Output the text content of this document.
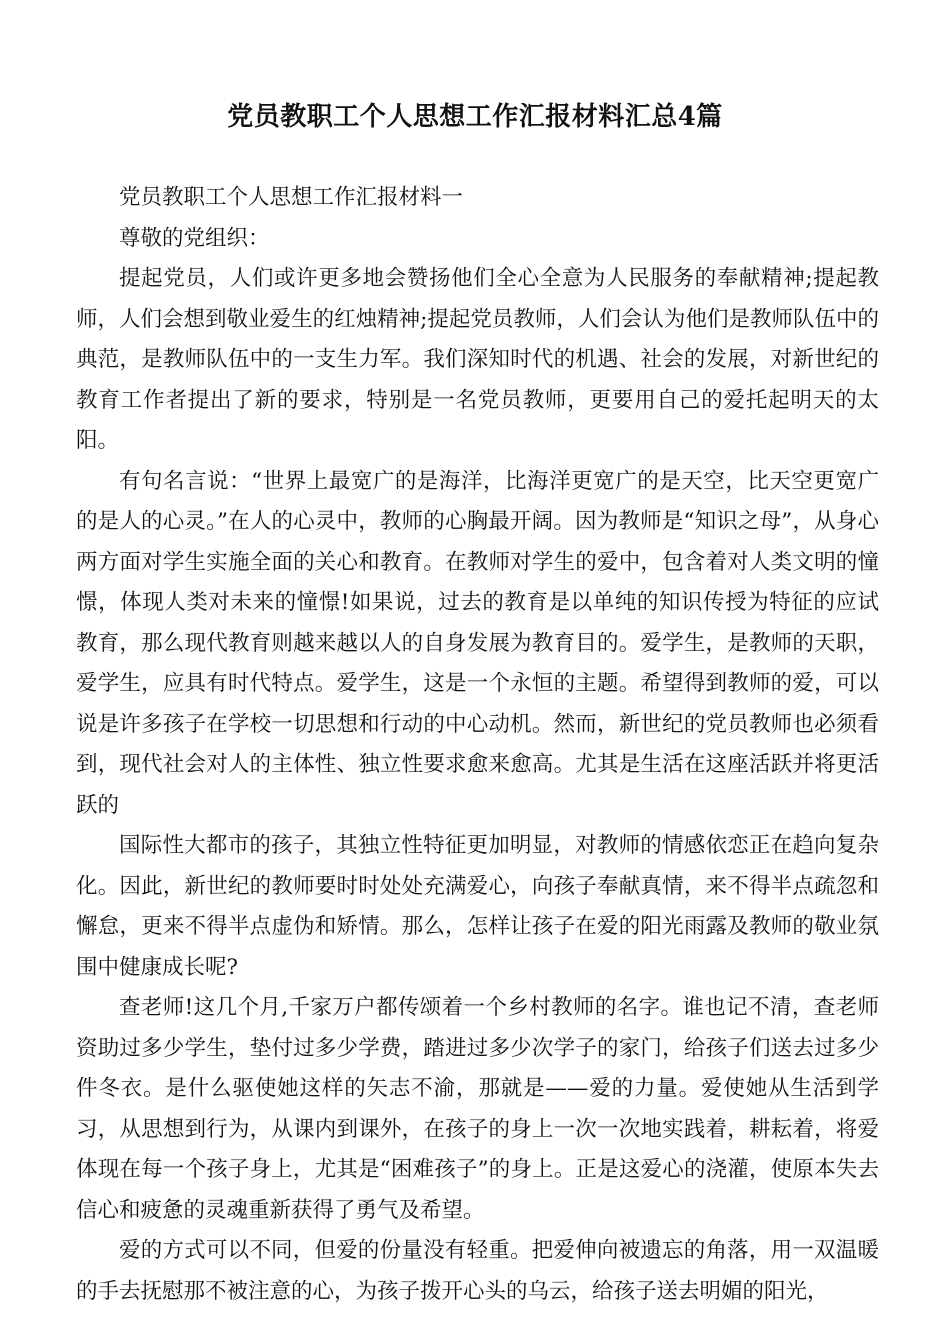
党员教职工个人思想工作汇报材料汇总4篇

党员教职工个人思想工作汇报材料一

尊敬的党组织：

提起党员，人们或许更多地会赞扬他们全心全意为人民服务的奉献精神;提起教师，人们会想到敬业爱生的红烛精神;提起党员教师，人们会认为他们是教师队伍中的典范，是教师队伍中的一支生力军。我们深知时代的机遇、社会的发展，对新世纪的教育工作者提出了新的要求，特别是一名党员教师，更要用自己的爱托起明天的太阳。

有句名言说：“世界上最宽广的是海洋，比海洋更宽广的是天空，比天空更宽广的是人的心灵。”在人的心灵中，教师的心胸最开阔。因为教师是“知识之母”，从身心两方面对学生实施全面的关心和教育。在教师对学生的爱中，包含着对人类文明的憧憬，体现人类对未来的憧憬!如果说，过去的教育是以单纯的知识传授为特征的应试教育，那么现代教育则越来越以人的自身发展为教育目的。爱学生，是教师的天职，爱学生，应具有时代特点。爱学生，这是一个永恒的主题。希望得到教师的爱，可以说是许多孩子在学校一切思想和行动的中心动机。然而，新世纪的党员教师也必须看到，现代社会对人的主体性、独立性要求愈来愈高。尤其是生活在这座活跃并将更活跃的

国际性大都市的孩子，其独立性特征更加明显，对教师的情感依恋正在趋向复杂化。因此，新世纪的教师要时时处处充满爱心，向孩子奉献真情，来不得半点疏忽和懈怠，更来不得半点虚伪和矫情。那么，怎样让孩子在爱的阳光雨露及教师的敬业氛围中健康成长呢?

查老师!这几个月,千家万户都传颂着一个乡村教师的名字。谁也记不清，查老师资助过多少学生，垫付过多少学费，踏进过多少次学子的家门，给孩子们送去过多少件冬衣。是什么驱使她这样的矢志不渝，那就是——爱的力量。爱使她从生活到学习，从思想到行为，从课内到课外，在孩子的身上一次一次地实践着，耕耘着，将爱体现在每一个孩子身上，尤其是“困难孩子”的身上。正是这爱心的浇灌，使原本失去信心和疲惫的灵魂重新获得了勇气及希望。

爱的方式可以不同，但爱的份量没有轻重。把爱伸向被遗忘的角落，用一双温暖的手去抚慰那不被注意的心，为孩子拨开心头的乌云，给孩子送去明媚的阳光，
